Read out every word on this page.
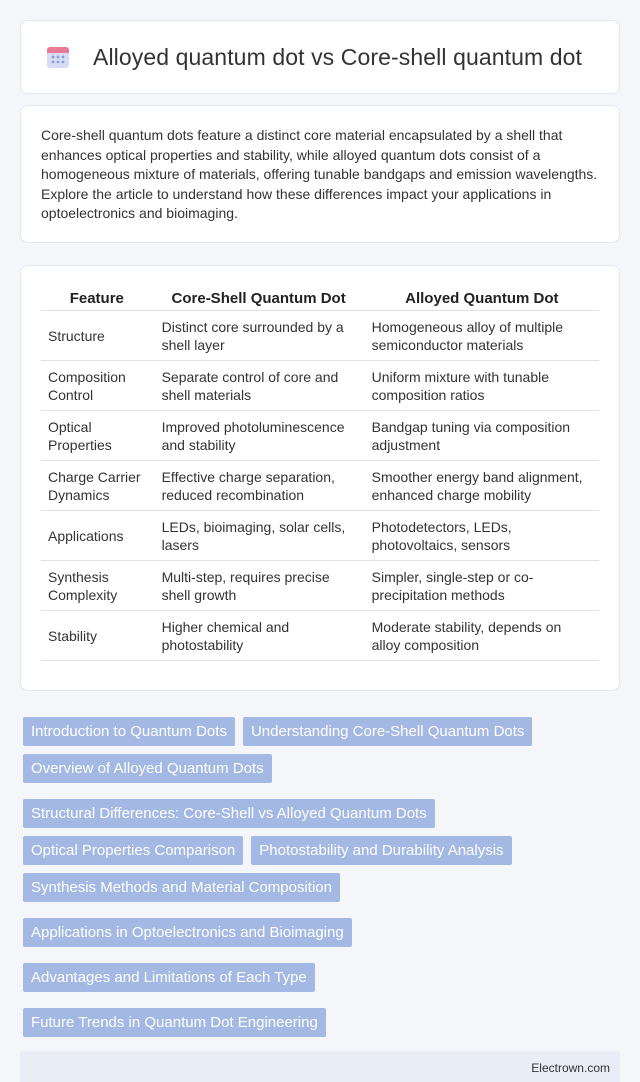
Alloyed quantum dot vs Core-shell quantum dot

Core-shell quantum dots feature a distinct core material encapsulated by a shell that enhances optical properties and stability, while alloyed quantum dots consist of a homogeneous mixture of materials, offering tunable bandgaps and emission wavelengths. Explore the article to understand how these differences impact your applications in optoelectronics and bioimaging.

Feature	Core-Shell Quantum Dot	Alloyed Quantum Dot
Structure	Distinct core surrounded by a shell layer	Homogeneous alloy of multiple semiconductor materials
Composition Control	Separate control of core and shell materials	Uniform mixture with tunable composition ratios
Optical Properties	Improved photoluminescence and stability	Bandgap tuning via composition adjustment
Charge Carrier Dynamics	Effective charge separation, reduced recombination	Smoother energy band alignment, enhanced charge mobility
Applications	LEDs, bioimaging, solar cells, lasers	Photodetectors, LEDs, photovoltaics, sensors
Synthesis Complexity	Multi-step, requires precise shell growth	Simpler, single-step or co-precipitation methods
Stability	Higher chemical and photostability	Moderate stability, depends on alloy composition
Introduction to Quantum Dots	Understanding Core-Shell Quantum Dots
Overview of Alloyed Quantum Dots
Structural Differences: Core-Shell vs Alloyed Quantum Dots
Optical Properties Comparison	Photostability and Durability Analysis
Synthesis Methods and Material Composition
Applications in Optoelectronics and Bioimaging
Advantages and Limitations of Each Type
Future Trends in Quantum Dot Engineering
Electrown.com
